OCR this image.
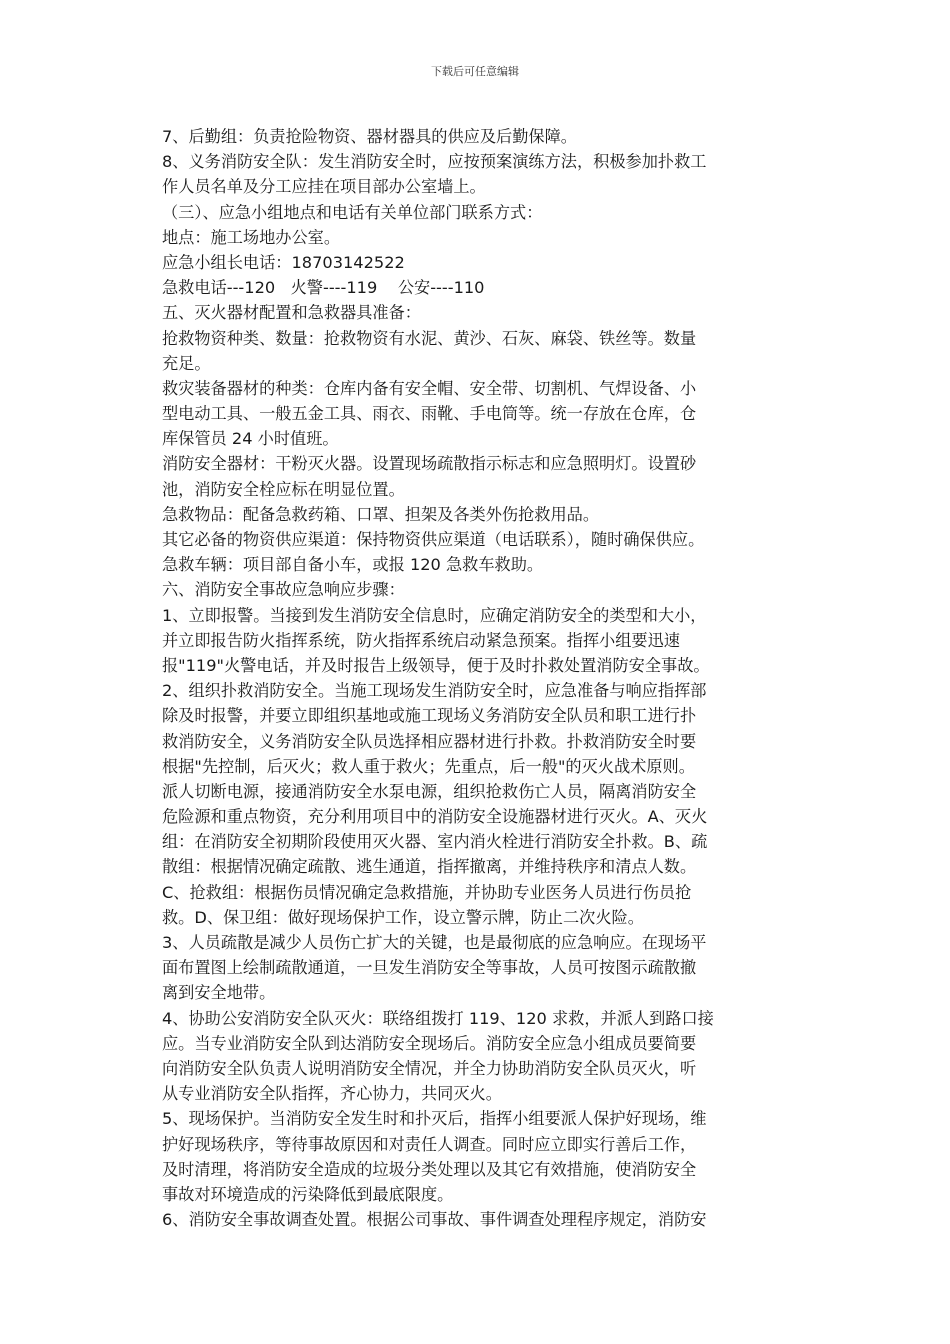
下载后可任意编辑
7、后勤组：负责抢险物资、器材器具的供应及后勤保障。
8、义务消防安全队：发生消防安全时，应按预案演练方法，积极参加扑救工
作人员名单及分工应挂在项目部办公室墙上。
（三）、应急小组地点和电话有关单位部门联系方式：
地点：施工场地办公室。
应急小组长电话：18703142522
急救电话---120   火警----119    公安----110
五、灭火器材配置和急救器具准备：
抢救物资种类、数量：抢救物资有水泥、黄沙、石灰、麻袋、铁丝等。数量
充足。
救灾装备器材的种类：仓库内备有安全帽、安全带、切割机、气焊设备、小
型电动工具、一般五金工具、雨衣、雨靴、手电筒等。统一存放在仓库，仓
库保管员 24 小时值班。
消防安全器材：干粉灭火器。设置现场疏散指示标志和应急照明灯。设置砂
池，消防安全栓应标在明显位置。
急救物品：配备急救药箱、口罩、担架及各类外伤抢救用品。
其它必备的物资供应渠道：保持物资供应渠道（电话联系），随时确保供应。
急救车辆：项目部自备小车，或报 120 急救车救助。
六、消防安全事故应急响应步骤：
1、立即报警。当接到发生消防安全信息时，应确定消防安全的类型和大小，
并立即报告防火指挥系统，防火指挥系统启动紧急预案。指挥小组要迅速
报"119"火警电话，并及时报告上级领导，便于及时扑救处置消防安全事故。
2、组织扑救消防安全。当施工现场发生消防安全时，应急准备与响应指挥部
除及时报警，并要立即组织基地或施工现场义务消防安全队员和职工进行扑
救消防安全，义务消防安全队员选择相应器材进行扑救。扑救消防安全时要
根据"先控制，后灭火；救人重于救火；先重点，后一般"的灭火战术原则。
派人切断电源，接通消防安全水泵电源，组织抢救伤亡人员，隔离消防安全
危险源和重点物资，充分利用项目中的消防安全设施器材进行灭火。A、灭火
组：在消防安全初期阶段使用灭火器、室内消火栓进行消防安全扑救。B、疏
散组：根据情况确定疏散、逃生通道，指挥撤离，并维持秩序和清点人数。
C、抢救组：根据伤员情况确定急救措施，并协助专业医务人员进行伤员抢
救。D、保卫组：做好现场保护工作，设立警示牌，防止二次火险。
3、人员疏散是减少人员伤亡扩大的关键，也是最彻底的应急响应。在现场平
面布置图上绘制疏散通道，一旦发生消防安全等事故，人员可按图示疏散撤
离到安全地带。
4、协助公安消防安全队灭火：联络组拨打 119、120 求救，并派人到路口接
应。当专业消防安全队到达消防安全现场后。消防安全应急小组成员要简要
向消防安全队负责人说明消防安全情况，并全力协助消防安全队员灭火，听
从专业消防安全队指挥，齐心协力，共同灭火。
5、现场保护。当消防安全发生时和扑灭后，指挥小组要派人保护好现场，维
护好现场秩序，等待事故原因和对责任人调查。同时应立即实行善后工作，
及时清理，将消防安全造成的垃圾分类处理以及其它有效措施，使消防安全
事故对环境造成的污染降低到最底限度。
6、消防安全事故调查处置。根据公司事故、事件调查处理程序规定，消防安
